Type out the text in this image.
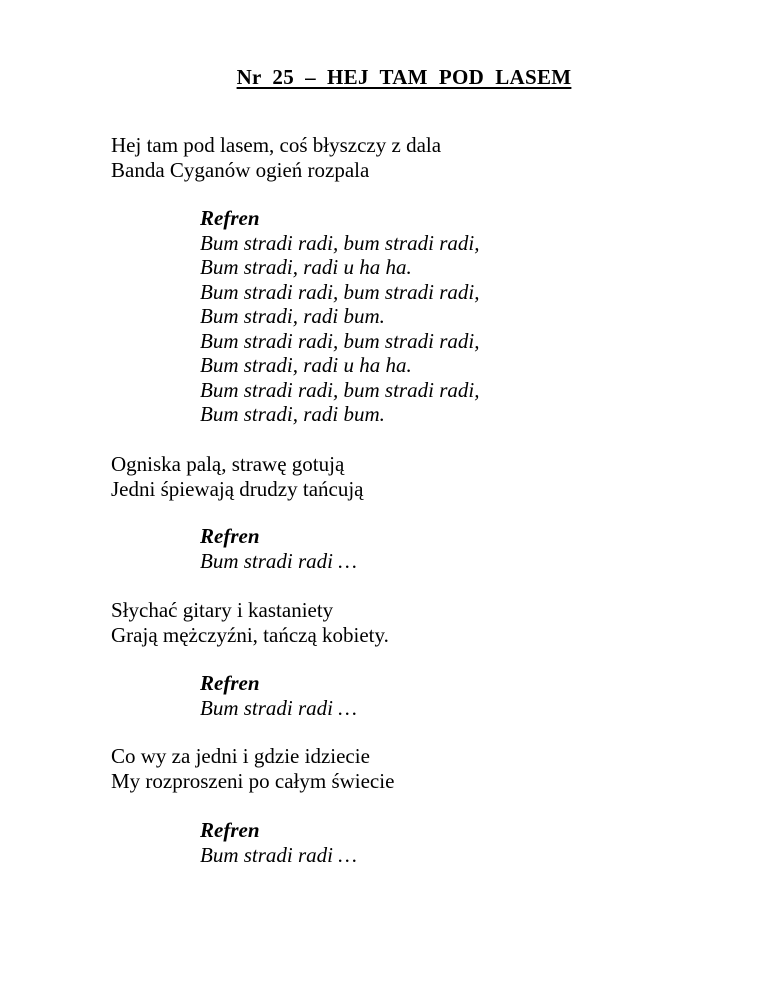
Nr  25  –  HEJ  TAM  POD  LASEM
Hej tam pod lasem, coś błyszczy z dala
Banda Cyganów ogień rozpala
Refren
Bum stradi radi, bum stradi radi,
Bum stradi, radi u ha ha.
Bum stradi radi, bum stradi radi,
Bum stradi, radi bum.
Bum stradi radi, bum stradi radi,
Bum stradi, radi u ha ha.
Bum stradi radi, bum stradi radi,
Bum stradi, radi bum.
Ogniska palą, strawę gotują
Jedni śpiewają drudzy tańcują
Refren
Bum stradi radi …
Słychać gitary i kastaniety
Grają mężczyźni, tańczą kobiety.
Refren
Bum stradi radi …
Co wy za jedni i gdzie idziecie
My rozproszeni po całym świecie
Refren
Bum stradi radi …
